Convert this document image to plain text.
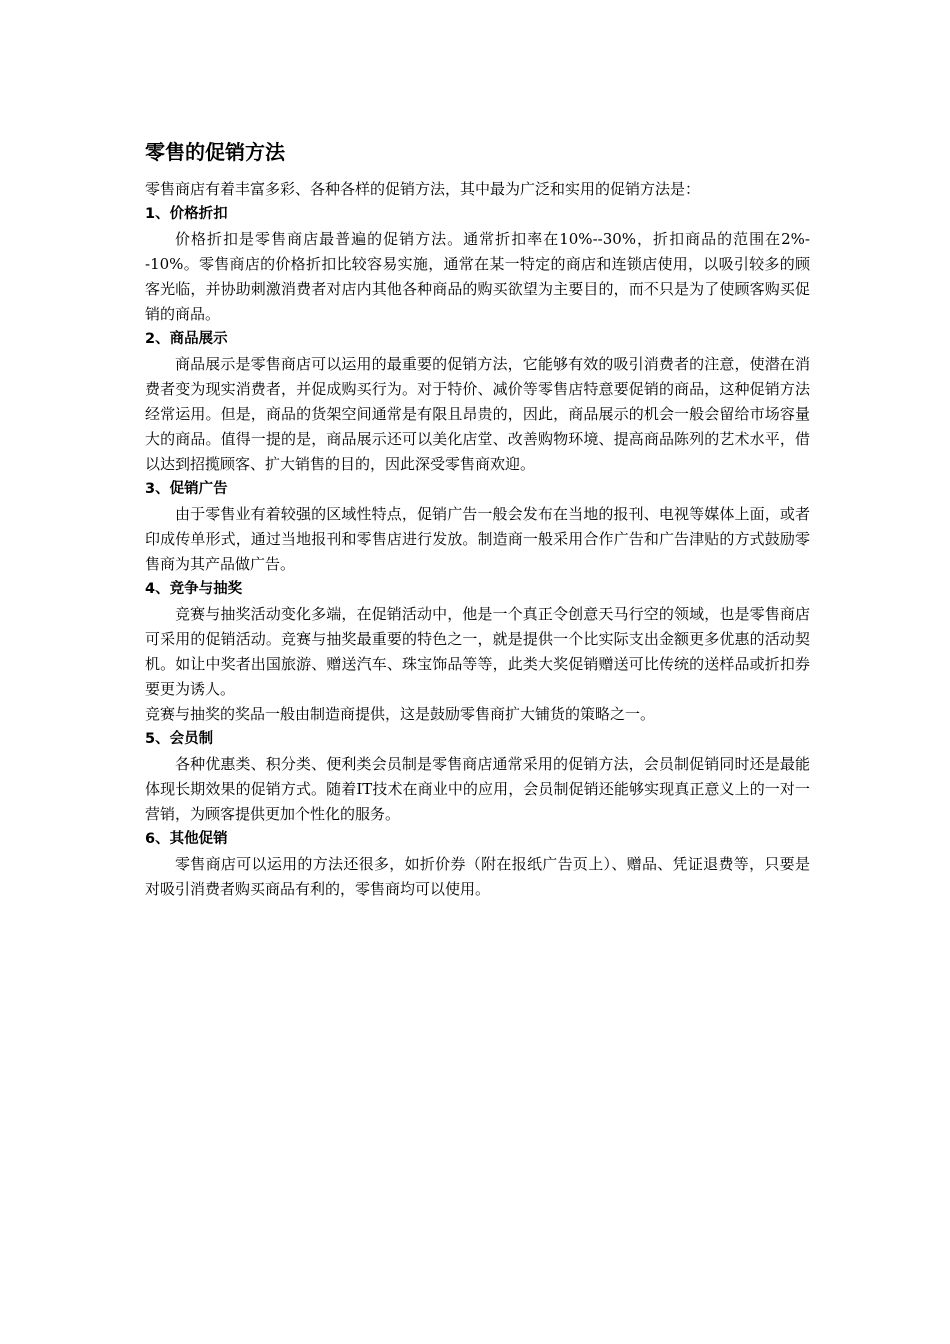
零售的促销方法

零售商店有着丰富多彩、各种各样的促销方法，其中最为广泛和实用的促销方法是：

1、价格折扣

价格折扣是零售商店最普遍的促销方法。通常折扣率在10%--30%，折扣商品的范围在2%--10%。零售商店的价格折扣比较容易实施，通常在某一特定的商店和连锁店使用，以吸引较多的顾客光临，并协助刺激消费者对店内其他各种商品的购买欲望为主要目的，而不只是为了使顾客购买促销的商品。

2、商品展示

商品展示是零售商店可以运用的最重要的促销方法，它能够有效的吸引消费者的注意，使潜在消费者变为现实消费者，并促成购买行为。对于特价、减价等零售店特意要促销的商品，这种促销方法经常运用。但是，商品的货架空间通常是有限且昂贵的，因此，商品展示的机会一般会留给市场容量大的商品。值得一提的是，商品展示还可以美化店堂、改善购物环境、提高商品陈列的艺术水平，借以达到招揽顾客、扩大销售的目的，因此深受零售商欢迎。

3、促销广告

由于零售业有着较强的区域性特点，促销广告一般会发布在当地的报刊、电视等媒体上面，或者印成传单形式，通过当地报刊和零售店进行发放。制造商一般采用合作广告和广告津贴的方式鼓励零售商为其产品做广告。

4、竞争与抽奖

竞赛与抽奖活动变化多端，在促销活动中，他是一个真正令创意天马行空的领域，也是零售商店可采用的促销活动。竞赛与抽奖最重要的特色之一，就是提供一个比实际支出金额更多优惠的活动契机。如让中奖者出国旅游、赠送汽车、珠宝饰品等等，此类大奖促销赠送可比传统的送样品或折扣券要更为诱人。

竞赛与抽奖的奖品一般由制造商提供，这是鼓励零售商扩大铺货的策略之一。

5、会员制

各种优惠类、积分类、便利类会员制是零售商店通常采用的促销方法，会员制促销同时还是最能体现长期效果的促销方式。随着IT技术在商业中的应用，会员制促销还能够实现真正意义上的一对一营销，为顾客提供更加个性化的服务。

6、其他促销

零售商店可以运用的方法还很多，如折价券（附在报纸广告页上）、赠品、凭证退费等，只要是对吸引消费者购买商品有利的，零售商均可以使用。
